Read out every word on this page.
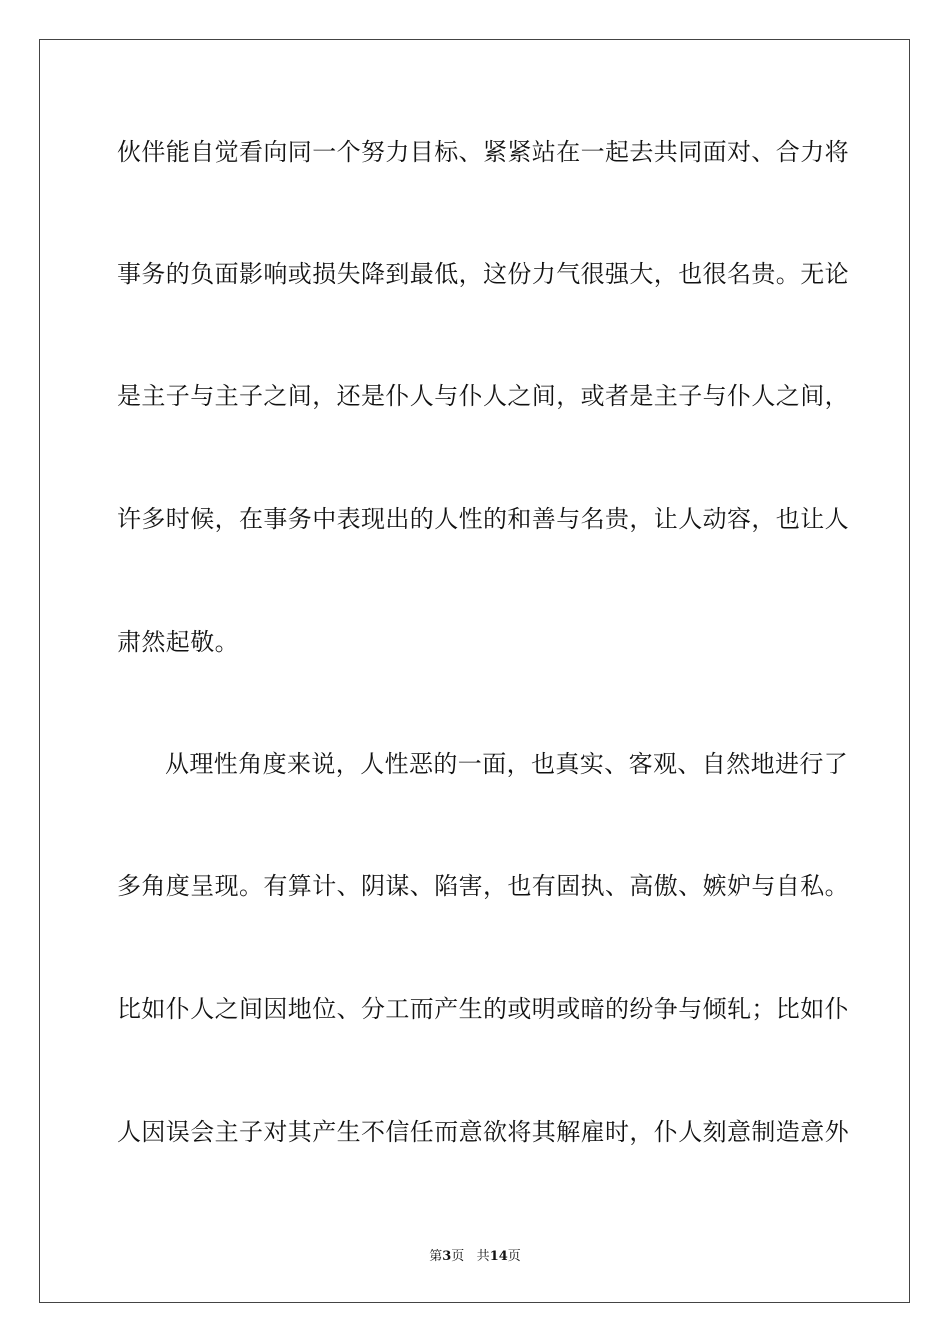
伙伴能自觉看向同一个努力目标、紧紧站在一起去共同面对、合力将
事务的负面影响或损失降到最低，这份力气很强大，也很名贵。无论
是主子与主子之间，还是仆人与仆人之间，或者是主子与仆人之间，
许多时候，在事务中表现出的人性的和善与名贵，让人动容，也让人
肃然起敬。
从理性角度来说，人性恶的一面，也真实、客观、自然地进行了
多角度呈现。有算计、阴谋、陷害，也有固执、高傲、嫉妒与自私。
比如仆人之间因地位、分工而产生的或明或暗的纷争与倾轧；比如仆
人因误会主子对其产生不信任而意欲将其解雇时，仆人刻意制造意外
第3页 共14页
